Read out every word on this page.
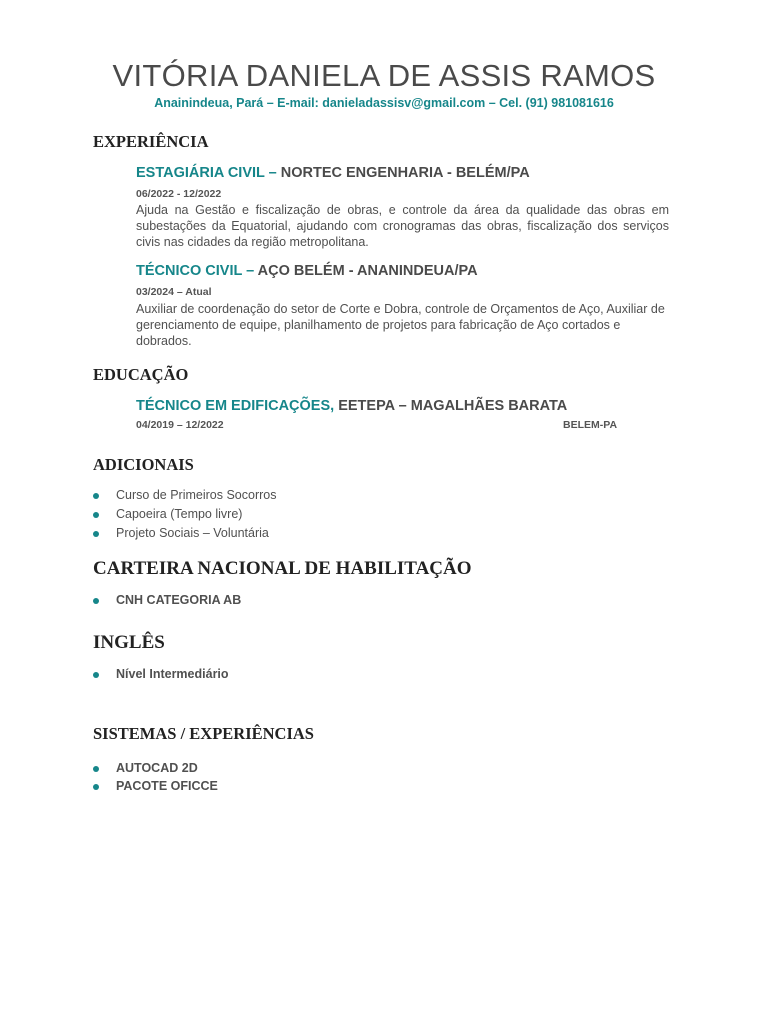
VITÓRIA DANIELA DE ASSIS RAMOS
Anainindeua, Pará – E-mail: danieladassisv@gmail.com – Cel. (91) 981081616
EXPERIÊNCIA
ESTAGIÁRIA CIVIL – NORTEC ENGENHARIA - BELÉM/PA
06/2022 - 12/2022
Ajuda na Gestão e fiscalização de obras, e controle da área da qualidade das obras em subestações da Equatorial, ajudando com cronogramas das obras, fiscalização dos serviços civis nas cidades da região metropolitana.
TÉCNICO CIVIL – AÇO BELÉM - ANANINDEUA/PA
03/2024 – Atual
Auxiliar de coordenação do setor de Corte e Dobra, controle de Orçamentos de Aço, Auxiliar de gerenciamento de equipe, planilhamento de projetos para fabricação de Aço cortados e dobrados.
EDUCAÇÃO
TÉCNICO EM EDIFICAÇÕES, EETEPA – MAGALHÃES BARATA
04/2019 – 12/2022	BELEM-PA
ADICIONAIS
Curso de Primeiros Socorros
Capoeira (Tempo livre)
Projeto Sociais – Voluntária
CARTEIRA NACIONAL DE HABILITAÇÃO
CNH CATEGORIA AB
INGLÊS
Nível Intermediário
SISTEMAS / EXPERIÊNCIAS
AUTOCAD 2D
PACOTE OFICCE
